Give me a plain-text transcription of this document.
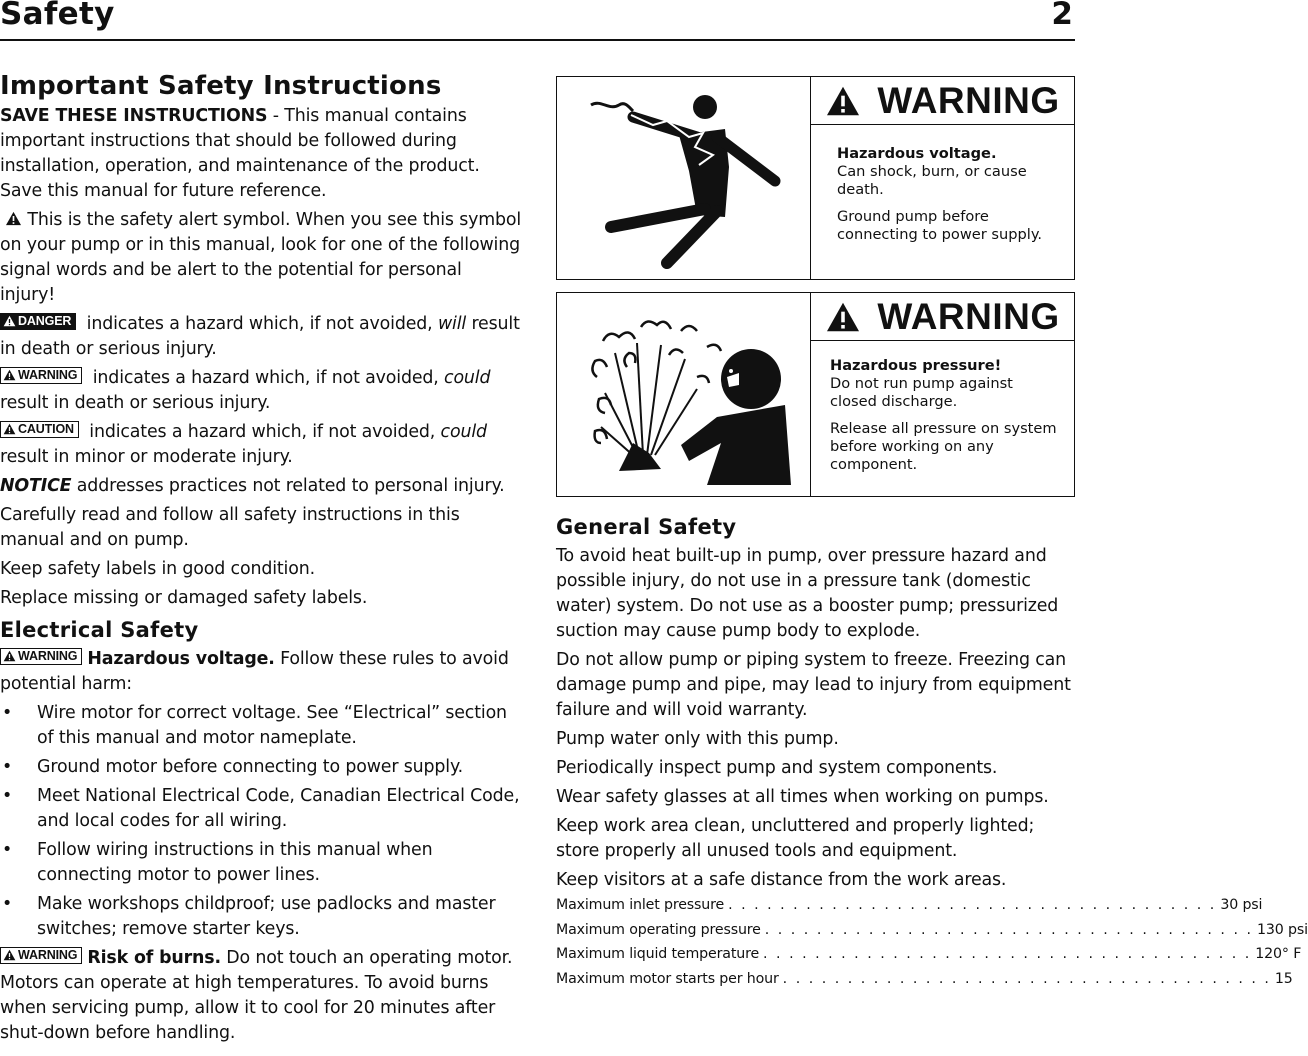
Safety	2
Important Safety Instructions

SAVE THESE INSTRUCTIONS - This manual contains important instructions that should be followed during installation, operation, and maintenance of the product. Save this manual for future reference.

This is the safety alert symbol. When you see this symbol on your pump or in this manual, look for one of the following signal words and be alert to the potential for personal injury!

DANGER indicates a hazard which, if not avoided, will result in death or serious injury.

WARNING indicates a hazard which, if not avoided, could result in death or serious injury.

CAUTION indicates a hazard which, if not avoided, could result in minor or moderate injury.

NOTICE addresses practices not related to personal injury.

Carefully read and follow all safety instructions in this manual and on pump.

Keep safety labels in good condition.

Replace missing or damaged safety labels.

Electrical Safety

WARNING Hazardous voltage. Follow these rules to avoid potential harm:

• Wire motor for correct voltage. See “Electrical” section of this manual and motor nameplate.
• Ground motor before connecting to power supply.
• Meet National Electrical Code, Canadian Electrical Code, and local codes for all wiring.
• Follow wiring instructions in this manual when connecting motor to power lines.
• Make workshops childproof; use padlocks and master switches; remove starter keys.

WARNING Risk of burns. Do not touch an operating motor. Motors can operate at high temperatures. To avoid burns when servicing pump, allow it to cool for 20 minutes after shut-down before handling.

WARNING
Hazardous voltage.

Can shock, burn, or cause death.

Ground pump before connecting to power supply.

WARNING
Hazardous pressure!

Do not run pump against closed discharge.

Release all pressure on system before working on any component.

General Safety

To avoid heat built-up in pump, over pressure hazard and possible injury, do not use in a pressure tank (domestic water) system. Do not use as a booster pump; pressurized suction may cause pump body to explode.

Do not allow pump or piping system to freeze. Freezing can damage pump and pipe, may lead to injury from equipment failure and will void warranty.

Pump water only with this pump.

Periodically inspect pump and system components.

Wear safety glasses at all times when working on pumps.

Keep work area clean, uncluttered and properly lighted; store properly all unused tools and equipment.

Keep visitors at a safe distance from the work areas.

Maximum inlet pressure . . . . . . . . . . . . . . . . . . . . . . . . . . . . . . . . . . . . . . 30 psi
Maximum operating pressure . . . . . . . . . . . . . . . . . . . . . . . . . . . . . . . . . . . . . . 130 psi
Maximum liquid temperature . . . . . . . . . . . . . . . . . . . . . . . . . . . . . . . . . . . . . . 120° F
Maximum motor starts per hour . . . . . . . . . . . . . . . . . . . . . . . . . . . . . . . . . . . . . . 15
